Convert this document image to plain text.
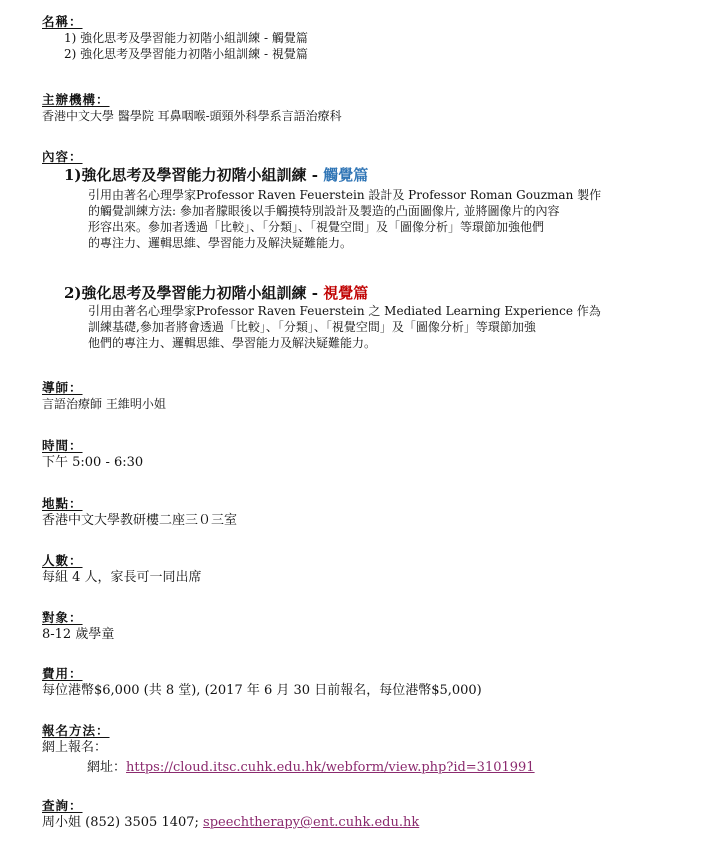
名稱：
1) 強化思考及學習能力初階小組訓練 - 觸覺篇
2) 強化思考及學習能力初階小組訓練 - 視覺篇
主辦機構：
香港中文大學 醫學院 耳鼻咽喉-頭頸外科學系言語治療科
內容：
1)強化思考及學習能力初階小組訓練 - 觸覺篇
引用由著名心理學家Professor Raven Feuerstein 設計及 Professor Roman Gouzman 製作
的觸覺訓練方法: 參加者朦眼後以手觸摸特別設計及製造的凸面圖像片, 並將圖像片的內容
形容出來。參加者透過「比較」、「分類」、「視覺空間」及「圖像分析」等環節加強他們
的專注力、邏輯思維、學習能力及解決疑難能力。
2)強化思考及學習能力初階小組訓練 - 視覺篇
引用由著名心理學家Professor Raven Feuerstein 之 Mediated Learning Experience 作為
訓練基礎,參加者將會透過「比較」、「分類」、「視覺空間」及「圖像分析」等環節加強
他們的專注力、邏輯思維、學習能力及解決疑難能力。
導師：
言語治療師 王維明小姐
時間：
下午 5:00 - 6:30
地點：
香港中文大學教研樓二座三０三室
人數：
每組 4 人，家長可一同出席
對象：
8-12 歲學童
費用：
每位港幣$6,000 (共 8 堂), (2017 年 6 月 30 日前報名，每位港幣$5,000)
報名方法：
網上報名：
網址：https://cloud.itsc.cuhk.edu.hk/webform/view.php?id=3101991
查詢：
周小姐 (852) 3505 1407; speechtherapy@ent.cuhk.edu.hk
